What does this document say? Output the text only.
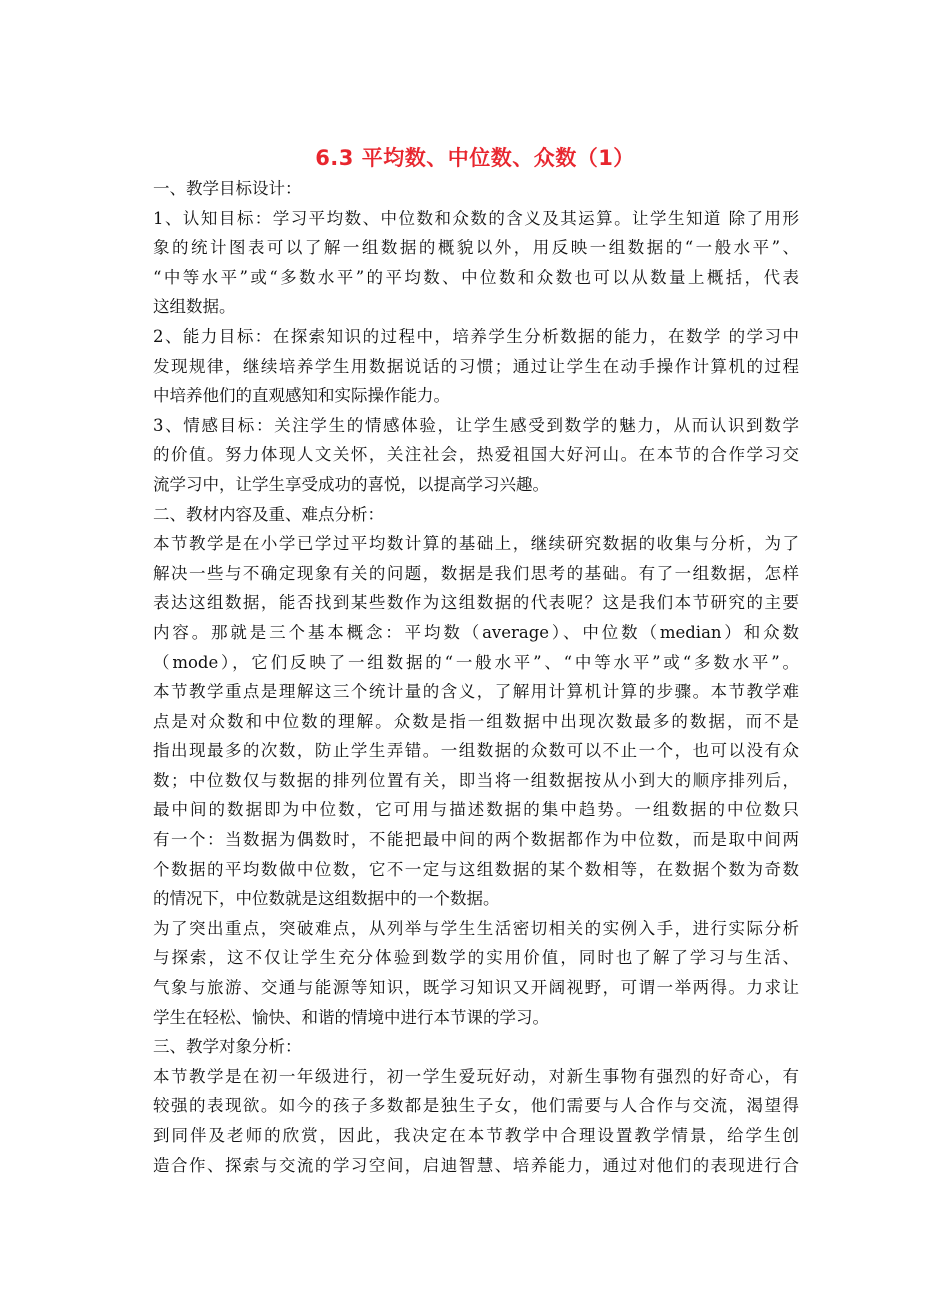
6.3 平均数、中位数、众数（1）
一、教学目标设计：
1、认知目标：学习平均数、中位数和众数的含义及其运算。让学生知道 除了用形
象的统计图表可以了解一组数据的概貌以外，用反映一组数据的“一般水平”、
“中等水平”或“多数水平”的平均数、中位数和众数也可以从数量上概括，代表
这组数据。
2、能力目标：在探索知识的过程中，培养学生分析数据的能力，在数学 的学习中
发现规律，继续培养学生用数据说话的习惯；通过让学生在动手操作计算机的过程
中培养他们的直观感知和实际操作能力。
3、情感目标：关注学生的情感体验，让学生感受到数学的魅力，从而认识到数学
的价值。努力体现人文关怀，关注社会，热爱祖国大好河山。在本节的合作学习交
流学习中，让学生享受成功的喜悦，以提高学习兴趣。
二、教材内容及重、难点分析：
本节教学是在小学已学过平均数计算的基础上，继续研究数据的收集与分析，为了
解决一些与不确定现象有关的问题，数据是我们思考的基础。有了一组数据，怎样
表达这组数据，能否找到某些数作为这组数据的代表呢？这是我们本节研究的主要
内容。那就是三个基本概念：平均数（average）、中位数（median）和众数
（mode），它们反映了一组数据的“一般水平”、“中等水平”或“多数水平”。
本节教学重点是理解这三个统计量的含义，了解用计算机计算的步骤。本节教学难
点是对众数和中位数的理解。众数是指一组数据中出现次数最多的数据，而不是
指出现最多的次数，防止学生弄错。一组数据的众数可以不止一个，也可以没有众
数；中位数仅与数据的排列位置有关，即当将一组数据按从小到大的顺序排列后，
最中间的数据即为中位数，它可用与描述数据的集中趋势。一组数据的中位数只
有一个：当数据为偶数时，不能把最中间的两个数据都作为中位数，而是取中间两
个数据的平均数做中位数，它不一定与这组数据的某个数相等，在数据个数为奇数
的情况下，中位数就是这组数据中的一个数据。
为了突出重点，突破难点，从列举与学生生活密切相关的实例入手，进行实际分析
与探索，这不仅让学生充分体验到数学的实用价值，同时也了解了学习与生活、
气象与旅游、交通与能源等知识，既学习知识又开阔视野，可谓一举两得。力求让
学生在轻松、愉快、和谐的情境中进行本节课的学习。
三、教学对象分析：
本节教学是在初一年级进行，初一学生爱玩好动，对新生事物有强烈的好奇心，有
较强的表现欲。如今的孩子多数都是独生子女，他们需要与人合作与交流，渴望得
到同伴及老师的欣赏，因此，我决定在本节教学中合理设置教学情景，给学生创
造合作、探索与交流的学习空间，启迪智慧、培养能力，通过对他们的表现进行合
